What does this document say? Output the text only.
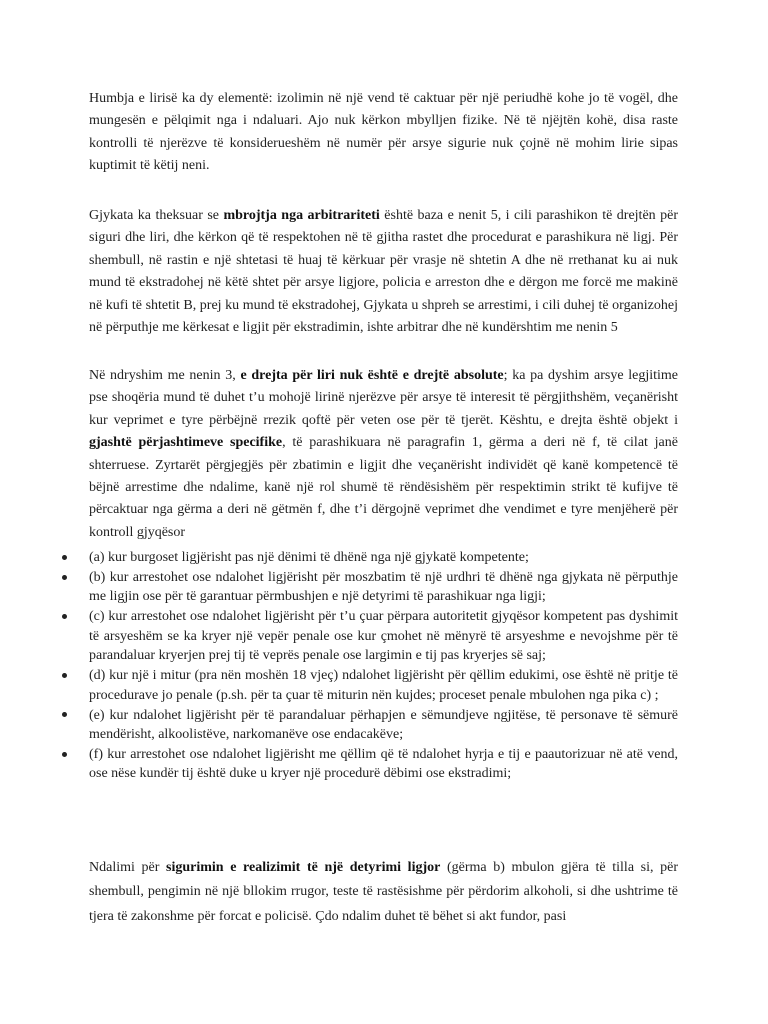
Humbja e lirisë ka dy elementë: izolimin në një vend të caktuar për një periudhë kohe jo të vogël, dhe mungesën e pëlqimit nga i ndaluari. Ajo nuk kërkon mbylljen fizike. Në të njëjtën kohë, disa raste kontrolli të njerëzve të konsiderueshëm në numër për arsye sigurie nuk çojnë në mohim lirie sipas kuptimit të këtij neni.

Gjykata ka theksuar se mbrojtja nga arbitrariteti është baza e nenit 5, i cili parashikon të drejtën për siguri dhe liri, dhe kërkon që të respektohen në të gjitha rastet dhe procedurat e parashikura në ligj. Për shembull, në rastin e një shtetasi të huaj të kërkuar për vrasje në shtetin A dhe në rrethanat ku ai nuk mund të ekstradohej në këtë shtet për arsye ligjore, policia e arreston dhe e dërgon me forcë me makinë në kufi të shtetit B, prej ku mund të ekstradohej, Gjykata u shpreh se arrestimi, i cili duhej të organizohej në përputhje me kërkesat e ligjit për ekstradimin, ishte arbitrar dhe në kundërshtim me nenin 5

Në ndryshim me nenin 3, e drejta për liri nuk është e drejtë absolute; ka pa dyshim arsye legjitime pse shoqëria mund të duhet t’u mohojë lirinë njerëzve për arsye të interesit të përgjithshëm, veçanërisht kur veprimet e tyre përbëjnë rrezik qoftë për veten ose për të tjerët. Kështu, e drejta është objekt i gjashtë përjashtimeve specifike, të parashikuara në paragrafin 1, gërma a deri në f, të cilat janë shterruese. Zyrtarët përgjegjës për zbatimin e ligjit dhe veçanërisht individët që kanë kompetencë të bëjnë arrestime dhe ndalime, kanë një rol shumë të rëndësishëm për respektimin strikt të kufijve të përcaktuar nga gërma a deri në gëtmën f, dhe t’i dërgojnë veprimet dhe vendimet e tyre menjëherë për kontroll gjyqësor

(a) kur burgoset ligjërisht pas një dënimi të dhënë nga një gjykatë kompetente;
(b) kur arrestohet ose ndalohet ligjërisht për moszbatim të një urdhri të dhënë nga gjykata në përputhje me ligjin ose për të garantuar përmbushjen e një detyrimi të parashikuar nga ligji;
(c) kur arrestohet ose ndalohet ligjërisht për t’u çuar përpara autoritetit gjyqësor kompetent pas dyshimit të arsyeshëm se ka kryer një vepër penale ose kur çmohet në mënyrë të arsyeshme e nevojshme për të parandaluar kryerjen prej tij të veprës penale ose largimin e tij pas kryerjes së saj;
(d) kur një i mitur (pra nën moshën 18 vjeç) ndalohet ligjërisht për qëllim edukimi, ose është në pritje të procedurave jo penale (p.sh. për ta çuar të miturin nën kujdes; proceset penale mbulohen nga pika c) ;
(e) kur ndalohet ligjërisht për të parandaluar përhapjen e sëmundjeve ngjitëse, të personave të sëmurë mendërisht, alkoolistëve, narkomanëve ose endacakëve;
(f) kur arrestohet ose ndalohet ligjërisht me qëllim që të ndalohet hyrja e tij e paautorizuar në atë vend, ose nëse kundër tij është duke u kryer një procedurë dëbimi ose ekstradimi;

Ndalimi për sigurimin e realizimit të një detyrimi ligjor (gërma b) mbulon gjëra të tilla si, për shembull, pengimin në një bllokim rrugor, teste të rastësishme për përdorim alkoholi, si dhe ushtrime të tjera të zakonshme për forcat e policisë. Çdo ndalim duhet të bëhet si akt fundor, pasi
